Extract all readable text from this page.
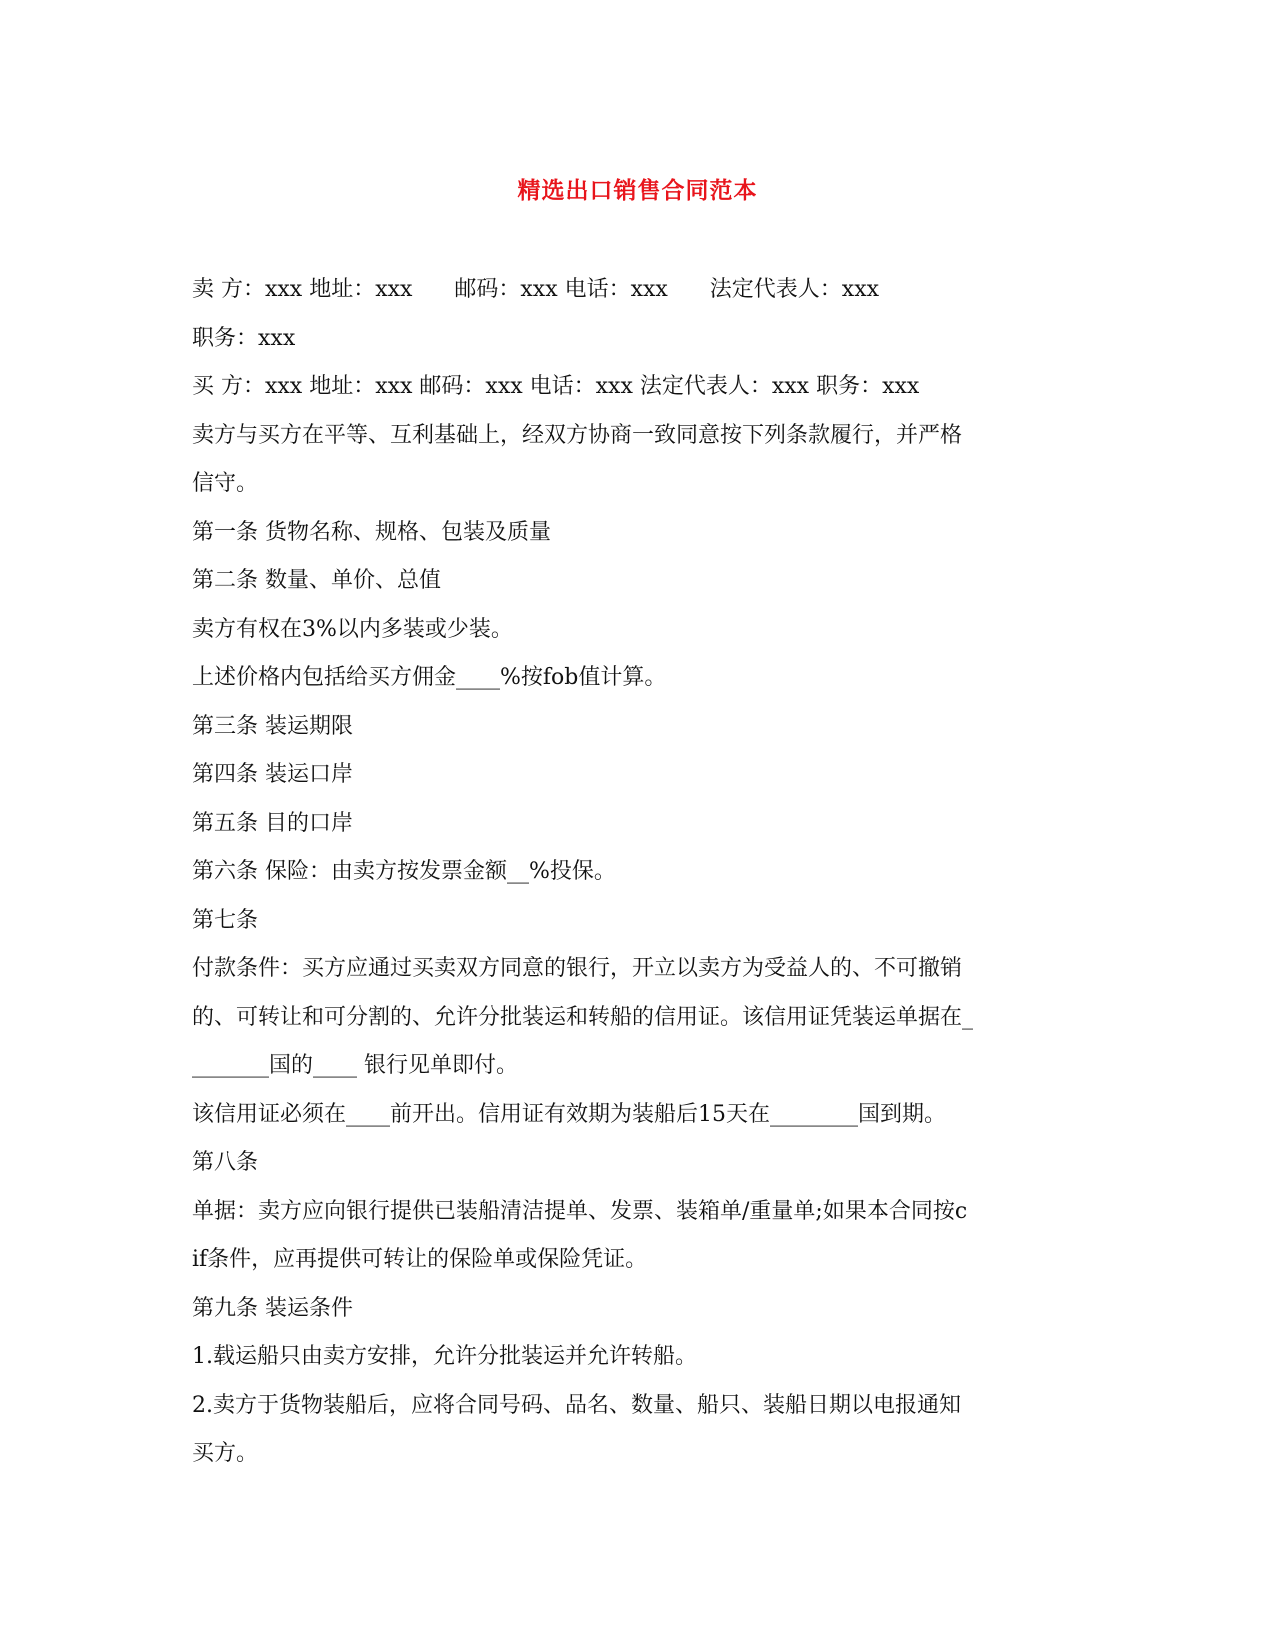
精选出口销售合同范本
卖 方：xxx 地址：xxx      邮码：xxx 电话：xxx      法定代表人：xxx
职务：xxx
买 方：xxx 地址：xxx 邮码：xxx 电话：xxx 法定代表人：xxx 职务：xxx
卖方与买方在平等、互利基础上，经双方协商一致同意按下列条款履行，并严格
信守。
第一条 货物名称、规格、包装及质量
第二条 数量、单价、总值
卖方有权在3%以内多装或少装。
上述价格内包括给买方佣金____%按fob值计算。
第三条 装运期限
第四条 装运口岸
第五条 目的口岸
第六条 保险：由卖方按发票金额__%投保。
第七条
付款条件：买方应通过买卖双方同意的银行，开立以卖方为受益人的、不可撤销
的、可转让和可分割的、允许分批装运和转船的信用证。该信用证凭装运单据在_
_______国的____ 银行见单即付。
该信用证必须在____前开出。信用证有效期为装船后15天在________国到期。
第八条
单据：卖方应向银行提供已装船清洁提单、发票、装箱单/重量单;如果本合同按c
if条件，应再提供可转让的保险单或保险凭证。
第九条 装运条件
1.载运船只由卖方安排，允许分批装运并允许转船。
2.卖方于货物装船后，应将合同号码、品名、数量、船只、装船日期以电报通知
买方。
